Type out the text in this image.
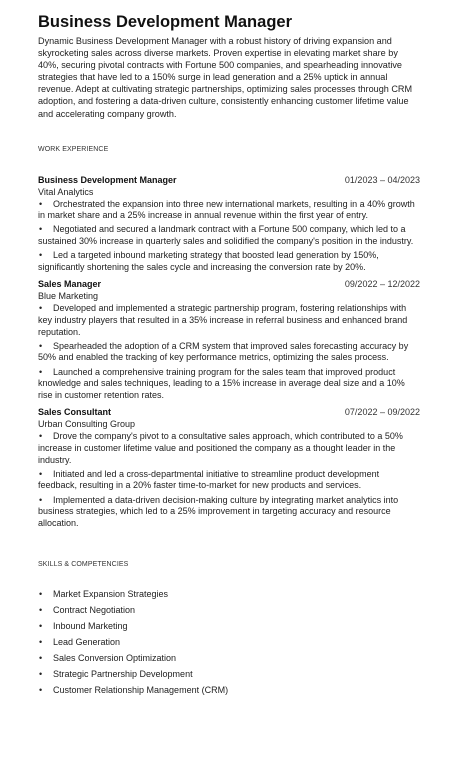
Business Development Manager

Dynamic Business Development Manager with a robust history of driving expansion and skyrocketing sales across diverse markets. Proven expertise in elevating market share by 40%, securing pivotal contracts with Fortune 500 companies, and spearheading innovative strategies that have led to a 150% surge in lead generation and a 25% uptick in annual revenue. Adept at cultivating strategic partnerships, optimizing sales processes through CRM adoption, and fostering a data-driven culture, consistently enhancing customer lifetime value and accelerating company growth.

WORK EXPERIENCE
Business Development Manager	01/2023 – 04/2023
Vital Analytics
• Orchestrated the expansion into three new international markets, resulting in a 40% growth in market share and a 25% increase in annual revenue within the first year of entry.
• Negotiated and secured a landmark contract with a Fortune 500 company, which led to a sustained 30% increase in quarterly sales and solidified the company's position in the industry.
• Led a targeted inbound marketing strategy that boosted lead generation by 150%, significantly shortening the sales cycle and increasing the conversion rate by 20%.
Sales Manager	09/2022 – 12/2022
Blue Marketing
• Developed and implemented a strategic partnership program, fostering relationships with key industry players that resulted in a 35% increase in referral business and enhanced brand reputation.
• Spearheaded the adoption of a CRM system that improved sales forecasting accuracy by 50% and enabled the tracking of key performance metrics, optimizing the sales process.
• Launched a comprehensive training program for the sales team that improved product knowledge and sales techniques, leading to a 15% increase in average deal size and a 10% rise in customer retention rates.
Sales Consultant	07/2022 – 09/2022
Urban Consulting Group
• Drove the company's pivot to a consultative sales approach, which contributed to a 50% increase in customer lifetime value and positioned the company as a thought leader in the industry.
• Initiated and led a cross-departmental initiative to streamline product development feedback, resulting in a 20% faster time-to-market for new products and services.
• Implemented a data-driven decision-making culture by integrating market analytics into business strategies, which led to a 25% improvement in targeting accuracy and resource allocation.
SKILLS & COMPETENCIES
• Market Expansion Strategies
• Contract Negotiation
• Inbound Marketing
• Lead Generation
• Sales Conversion Optimization
• Strategic Partnership Development
• Customer Relationship Management (CRM)
